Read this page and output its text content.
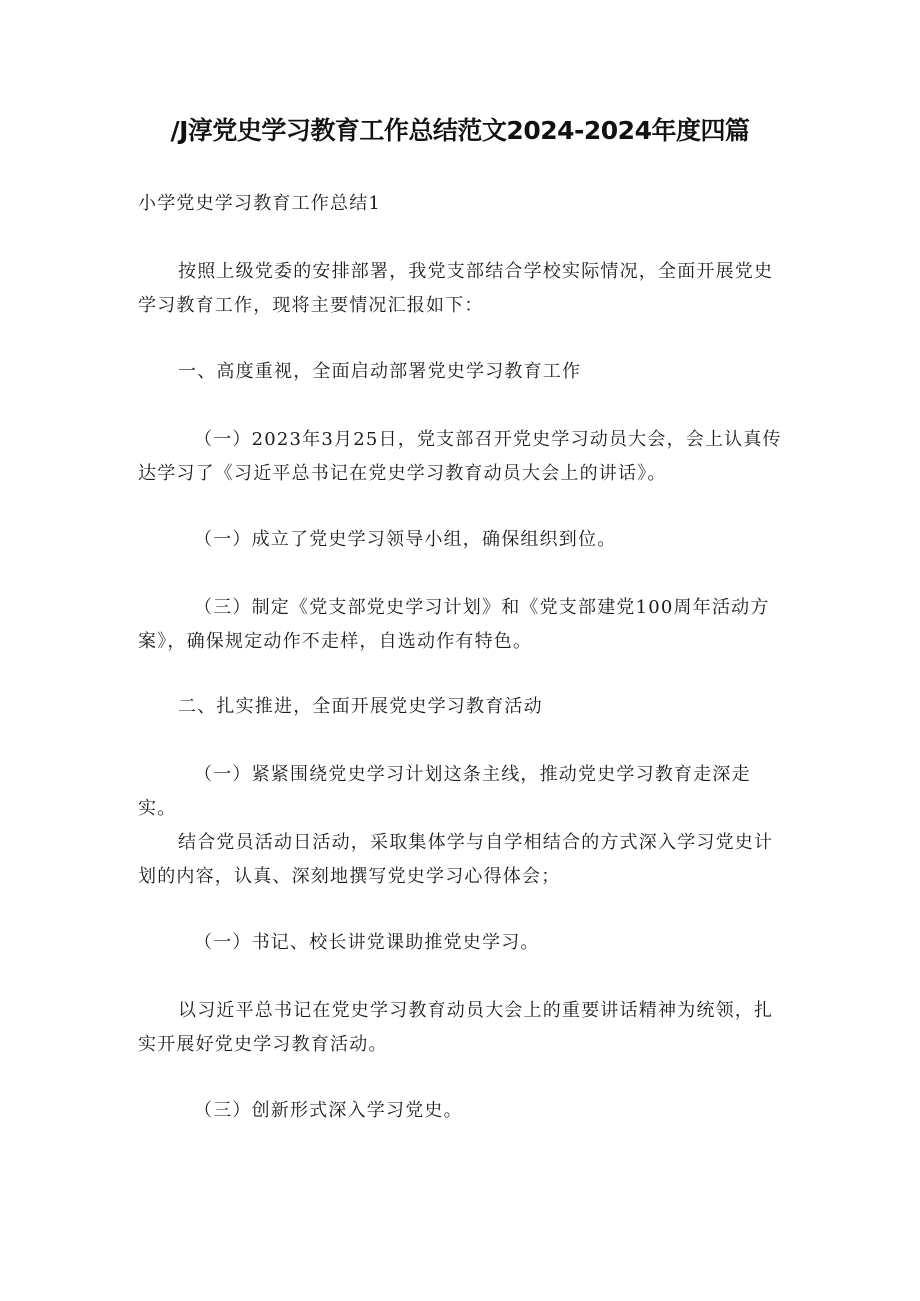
/J淳党史学习教育工作总结范文2024-2024年度四篇

小学党史学习教育工作总结1

按照上级党委的安排部署，我党支部结合学校实际情况，全面开展党史学习教育工作，现将主要情况汇报如下：

一、高度重视，全面启动部署党史学习教育工作

（一）2023年3月25日，党支部召开党史学习动员大会，会上认真传达学习了《习近平总书记在党史学习教育动员大会上的讲话》。

（一）成立了党史学习领导小组，确保组织到位。

（三）制定《党支部党史学习计划》和《党支部建党100周年活动方案》，确保规定动作不走样，自选动作有特色。

二、扎实推进，全面开展党史学习教育活动

（一）紧紧围绕党史学习计划这条主线，推动党史学习教育走深走实。

结合党员活动日活动，采取集体学与自学相结合的方式深入学习党史计划的内容，认真、深刻地撰写党史学习心得体会；

（一）书记、校长讲党课助推党史学习。

以习近平总书记在党史学习教育动员大会上的重要讲话精神为统领，扎实开展好党史学习教育活动。

（三）创新形式深入学习党史。
